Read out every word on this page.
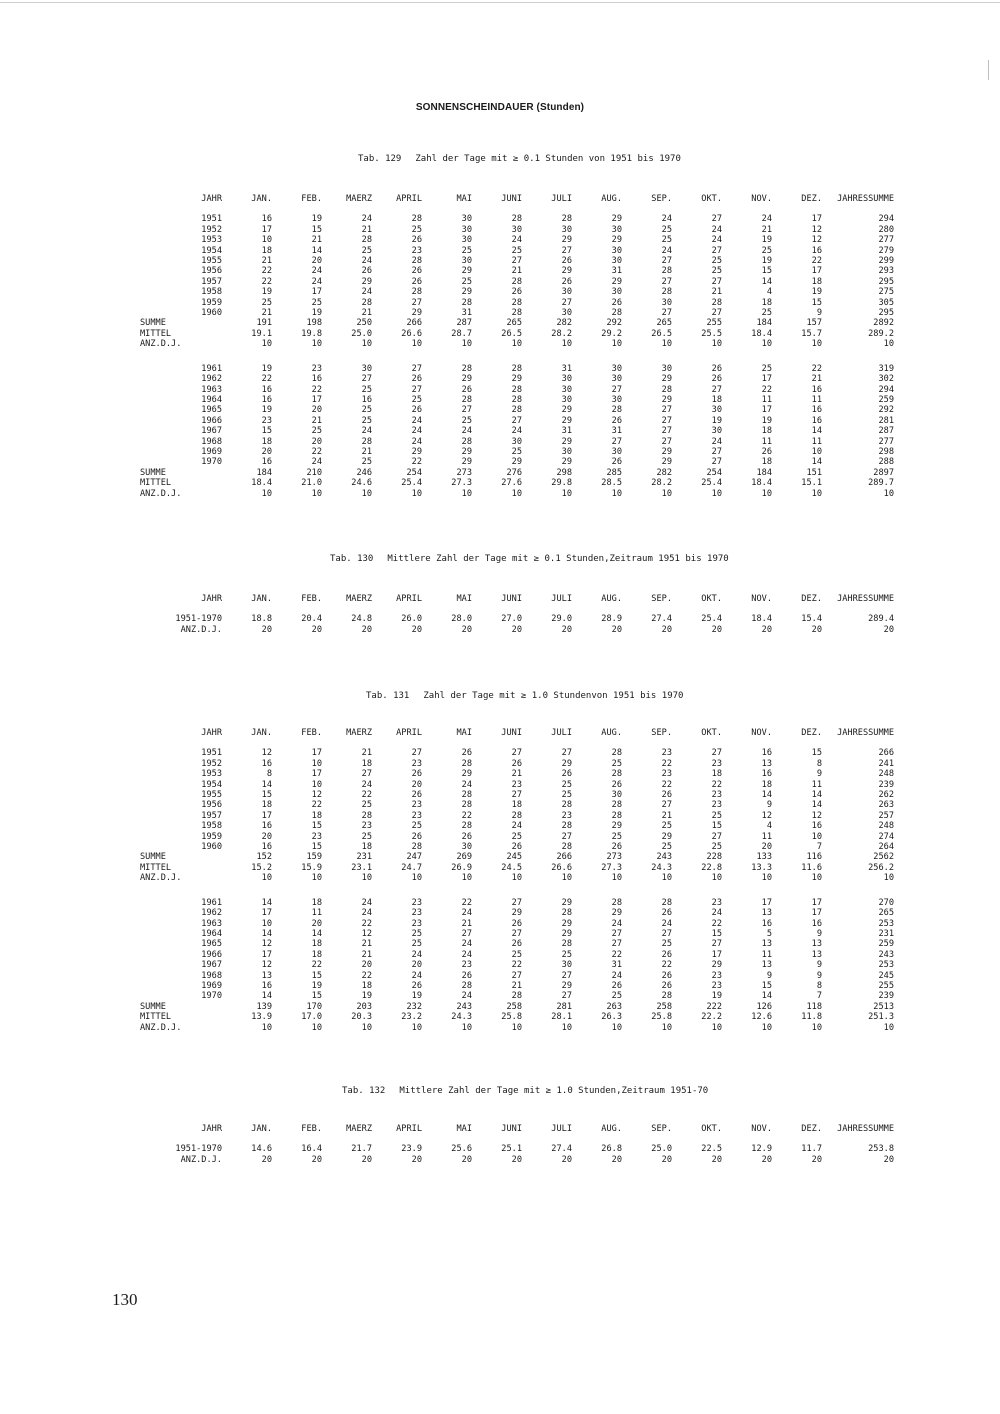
SONNENSCHEINDAUER (Stunden)
Tab. 129 Zahl der Tage mit ≥ 0.1 Stunden von 1951 bis 1970
JAHR	JAN.	FEB.	MAERZ	APRIL	MAI	JUNI	JULI	AUG.	SEP.	OKT.	NOV.	DEZ.	JAHRESSUMME
1951	16	19	24	28	30	28	28	29	24	27	24	17	294
1952	17	15	21	25	30	30	30	30	25	24	21	12	280
1953	10	21	28	26	30	24	29	29	25	24	19	12	277
1954	18	14	25	23	25	25	27	30	24	27	25	16	279
1955	21	20	24	28	30	27	26	30	27	25	19	22	299
1956	22	24	26	26	29	21	29	31	28	25	15	17	293
1957	22	24	29	26	25	28	26	29	27	27	14	18	295
1958	19	17	24	28	29	26	30	30	28	21	4	19	275
1959	25	25	28	27	28	28	27	26	30	28	18	15	305
1960	21	19	21	29	31	28	30	28	27	27	25	9	295
SUMME	191	198	250	266	287	265	282	292	265	255	184	157	2892
MITTEL	19.1	19.8	25.0	26.6	28.7	26.5	28.2	29.2	26.5	25.5	18.4	15.7	289.2
ANZ.D.J.	10	10	10	10	10	10	10	10	10	10	10	10	10

1961	19	23	30	27	28	28	31	30	30	26	25	22	319
1962	22	16	27	26	29	29	30	30	29	26	17	21	302
1963	16	22	25	27	26	28	30	27	28	27	22	16	294
1964	16	17	16	25	28	28	30	30	29	18	11	11	259
1965	19	20	25	26	27	28	29	28	27	30	17	16	292
1966	23	21	25	24	25	27	29	26	27	19	19	16	281
1967	15	25	24	24	24	24	31	31	27	30	18	14	287
1968	18	20	28	24	28	30	29	27	27	24	11	11	277
1969	20	22	21	29	29	25	30	30	29	27	26	10	298
1970	16	24	25	22	29	29	29	26	29	27	18	14	288
SUMME	184	210	246	254	273	276	298	285	282	254	184	151	2897
MITTEL	18.4	21.0	24.6	25.4	27.3	27.6	29.8	28.5	28.2	25.4	18.4	15.1	289.7
ANZ.D.J.	10	10	10	10	10	10	10	10	10	10	10	10	10
Tab. 130 Mittlere Zahl der Tage mit ≥ 0.1 Stunden,Zeitraum 1951 bis 1970
JAHR	JAN.	FEB.	MAERZ	APRIL	MAI	JUNI	JULI	AUG.	SEP.	OKT.	NOV.	DEZ.	JAHRESSUMME
1951-1970	18.8	20.4	24.8	26.0	28.0	27.0	29.0	28.9	27.4	25.4	18.4	15.4	289.4
ANZ.D.J.	20	20	20	20	20	20	20	20	20	20	20	20	20
Tab. 131 Zahl der Tage mit ≥ 1.0 Stundenvon 1951 bis 1970
JAHR	JAN.	FEB.	MAERZ	APRIL	MAI	JUNI	JULI	AUG.	SEP.	OKT.	NOV.	DEZ.	JAHRESSUMME
1951	12	17	21	27	26	27	27	28	23	27	16	15	266
1952	16	10	18	23	28	26	29	25	22	23	13	8	241
1953	8	17	27	26	29	21	26	28	23	18	16	9	248
1954	14	10	24	20	24	23	25	26	22	22	18	11	239
1955	15	12	22	26	28	27	25	30	26	23	14	14	262
1956	18	22	25	23	28	18	28	28	27	23	9	14	263
1957	17	18	28	23	22	28	23	28	21	25	12	12	257
1958	16	15	23	25	28	24	28	29	25	15	4	16	248
1959	20	23	25	26	26	25	27	25	29	27	11	10	274
1960	16	15	18	28	30	26	28	26	25	25	20	7	264
SUMME	152	159	231	247	269	245	266	273	243	228	133	116	2562
MITTEL	15.2	15.9	23.1	24.7	26.9	24.5	26.6	27.3	24.3	22.8	13.3	11.6	256.2
ANZ.D.J.	10	10	10	10	10	10	10	10	10	10	10	10	10

1961	14	18	24	23	22	27	29	28	28	23	17	17	270
1962	17	11	24	23	24	29	28	29	26	24	13	17	265
1963	10	20	22	23	21	26	29	24	24	22	16	16	253
1964	14	14	12	25	27	27	29	27	27	15	5	9	231
1965	12	18	21	25	24	26	28	27	25	27	13	13	259
1966	17	18	21	24	24	25	25	22	26	17	11	13	243
1967	12	22	20	20	23	22	30	31	22	29	13	9	253
1968	13	15	22	24	26	27	27	24	26	23	9	9	245
1969	16	19	18	26	28	21	29	26	26	23	15	8	255
1970	14	15	19	19	24	28	27	25	28	19	14	7	239
SUMME	139	170	203	232	243	258	281	263	258	222	126	118	2513
MITTEL	13.9	17.0	20.3	23.2	24.3	25.8	28.1	26.3	25.8	22.2	12.6	11.8	251.3
ANZ.D.J.	10	10	10	10	10	10	10	10	10	10	10	10	10
Tab. 132 Mittlere Zahl der Tage mit ≥ 1.0 Stunden,Zeitraum 1951-70
JAHR	JAN.	FEB.	MAERZ	APRIL	MAI	JUNI	JULI	AUG.	SEP.	OKT.	NOV.	DEZ.	JAHRESSUMME
1951-1970	14.6	16.4	21.7	23.9	25.6	25.1	27.4	26.8	25.0	22.5	12.9	11.7	253.8
ANZ.D.J.	20	20	20	20	20	20	20	20	20	20	20	20	20
130
